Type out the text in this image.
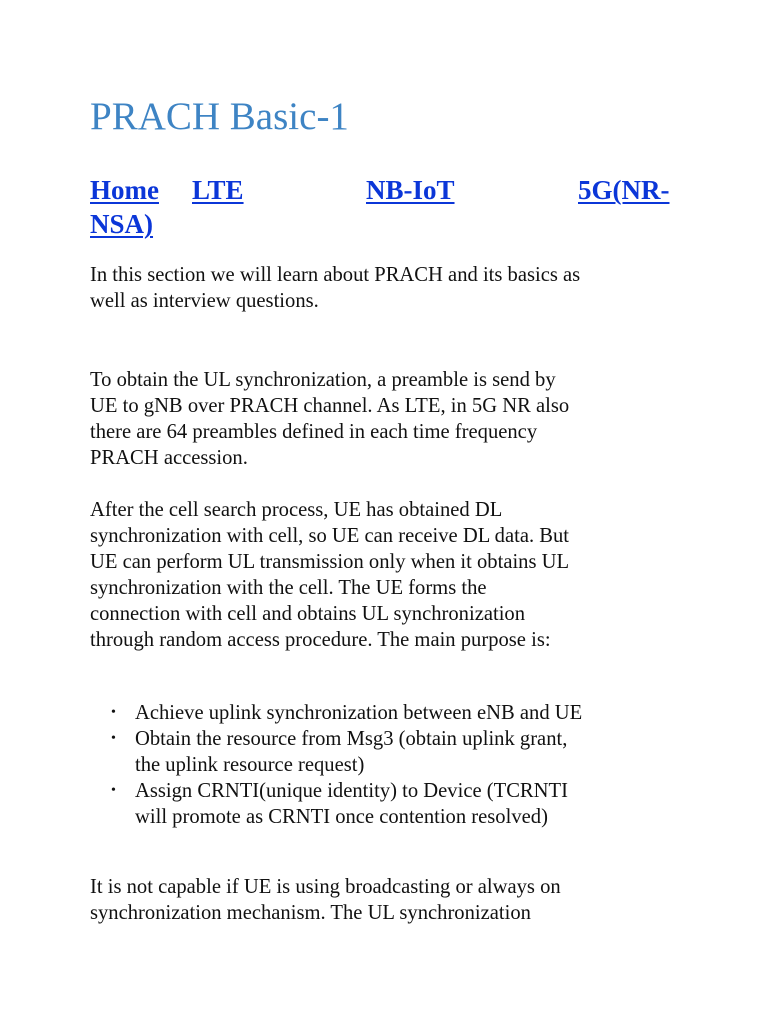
PRACH Basic-1
Home LTE	NB-IoT	5G(NR-
NSA)

In this section we will learn about PRACH and its basics as
well as interview questions.

To obtain the UL synchronization, a preamble is send by
UE to gNB over PRACH channel. As LTE, in 5G NR also
there are 64 preambles defined in each time frequency
PRACH accession.

After the cell search process, UE has obtained DL
synchronization with cell, so UE can receive DL data. But
UE can perform UL transmission only when it obtains UL
synchronization with the cell. The UE forms the
connection with cell and obtains UL synchronization
through random access procedure. The main purpose is:

• Achieve uplink synchronization between eNB and UE
• Obtain the resource from Msg3 (obtain uplink grant,
the uplink resource request)
• Assign CRNTI(unique identity) to Device (TCRNTI
will promote as CRNTI once contention resolved)

It is not capable if UE is using broadcasting or always on
synchronization mechanism. The UL synchronization
